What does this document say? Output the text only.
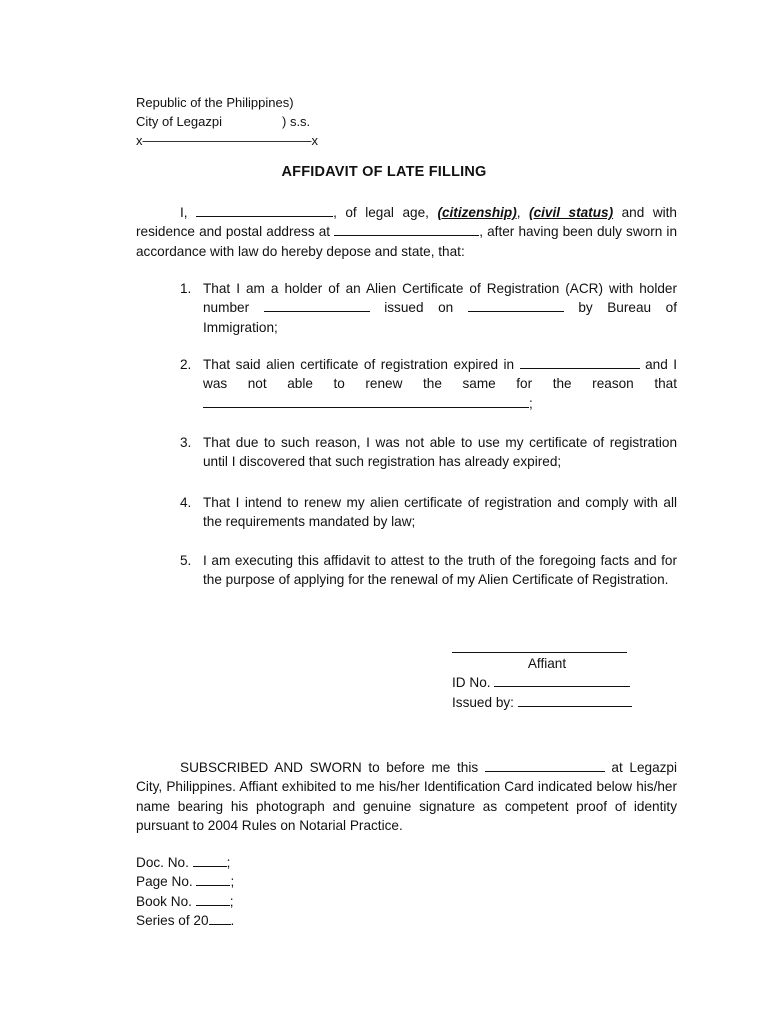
Republic of the Philippines)
City of Legazpi	) s.s.
x—————————————x
AFFIDAVIT OF LATE FILLING
I,	, of legal age, (citizenship), (civil status) and with residence and postal address at	, after having been duly sworn in accordance with law do hereby depose and state, that:
1. That I am a holder of an Alien Certificate of Registration (ACR) with holder number	issued on	by Bureau of Immigration;
2. That said alien certificate of registration expired in	and I was not able to renew the same for the reason that ;
3. That due to such reason, I was not able to use my certificate of registration until I discovered that such registration has already expired;
4. That I intend to renew my alien certificate of registration and comply with all the requirements mandated by law;
5. I am executing this affidavit to attest to the truth of the foregoing facts and for the purpose of applying for the renewal of my Alien Certificate of Registration.
Affiant
ID No.
Issued by:
SUBSCRIBED AND SWORN to before me this	at Legazpi City, Philippines. Affiant exhibited to me his/her Identification Card indicated below his/her name bearing his photograph and genuine signature as competent proof of identity pursuant to 2004 Rules on Notarial Practice.
Doc. No.	;
Page No.	;
Book No.	;
Series of 20 .
